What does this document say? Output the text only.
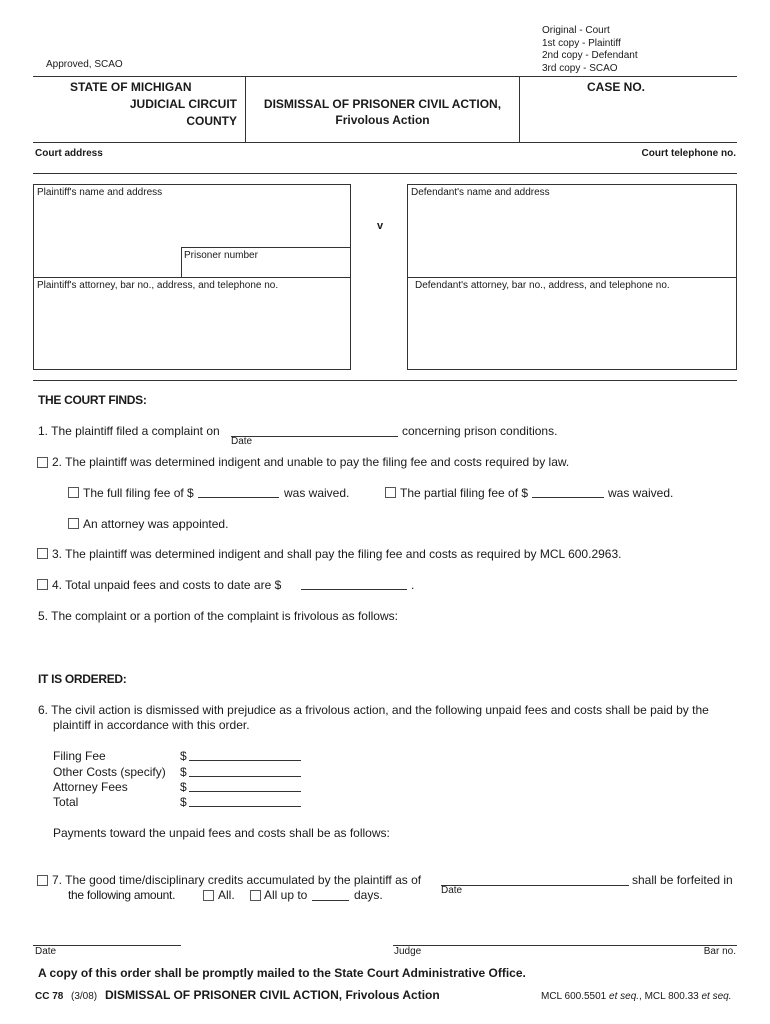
Original - Court
1st copy - Plaintiff
2nd copy - Defendant
3rd copy - SCAO
Approved, SCAO
STATE OF MICHIGAN
JUDICIAL CIRCUIT
COUNTY
DISMISSAL OF PRISONER CIVIL ACTION,
Frivolous Action
CASE NO.
Court address	Court telephone no.
Plaintiff's name and address
Prisoner number
Plaintiff's attorney, bar no., address, and telephone no.
v
Defendant's name and address
Defendant's attorney, bar no., address, and telephone no.
THE COURT FINDS:
1. The plaintiff filed a complaint on
Date
concerning prison conditions.
2. The plaintiff was determined indigent and unable to pay the filing fee and costs required by law.
The full filing fee of $	was waived.	The partial filing fee of $	was waived.
An attorney was appointed.
3. The plaintiff was determined indigent and shall pay the filing fee and costs as required by MCL 600.2963.
4. Total unpaid fees and costs to date are $	.
5. The complaint or a portion of the complaint is frivolous as follows:
IT IS ORDERED:
6. The civil action is dismissed with prejudice as a frivolous action, and the following unpaid fees and costs shall be paid by the
plaintiff in accordance with this order.
Filing Fee	$
Other Costs (specify) $
Attorney Fees	$
Total	$
Payments toward the unpaid fees and costs shall be as follows:
7. The good time/disciplinary credits accumulated by the plaintiff as of
Date
shall be forfeited in
the following amount.	All. All up to	days.
Date	Judge	Bar no.
A copy of this order shall be promptly mailed to the State Court Administrative Office.
CC 78 (3/08) DISMISSAL OF PRISONER CIVIL ACTION, Frivolous Action	MCL 600.5501 et seq., MCL 800.33 et seq.
